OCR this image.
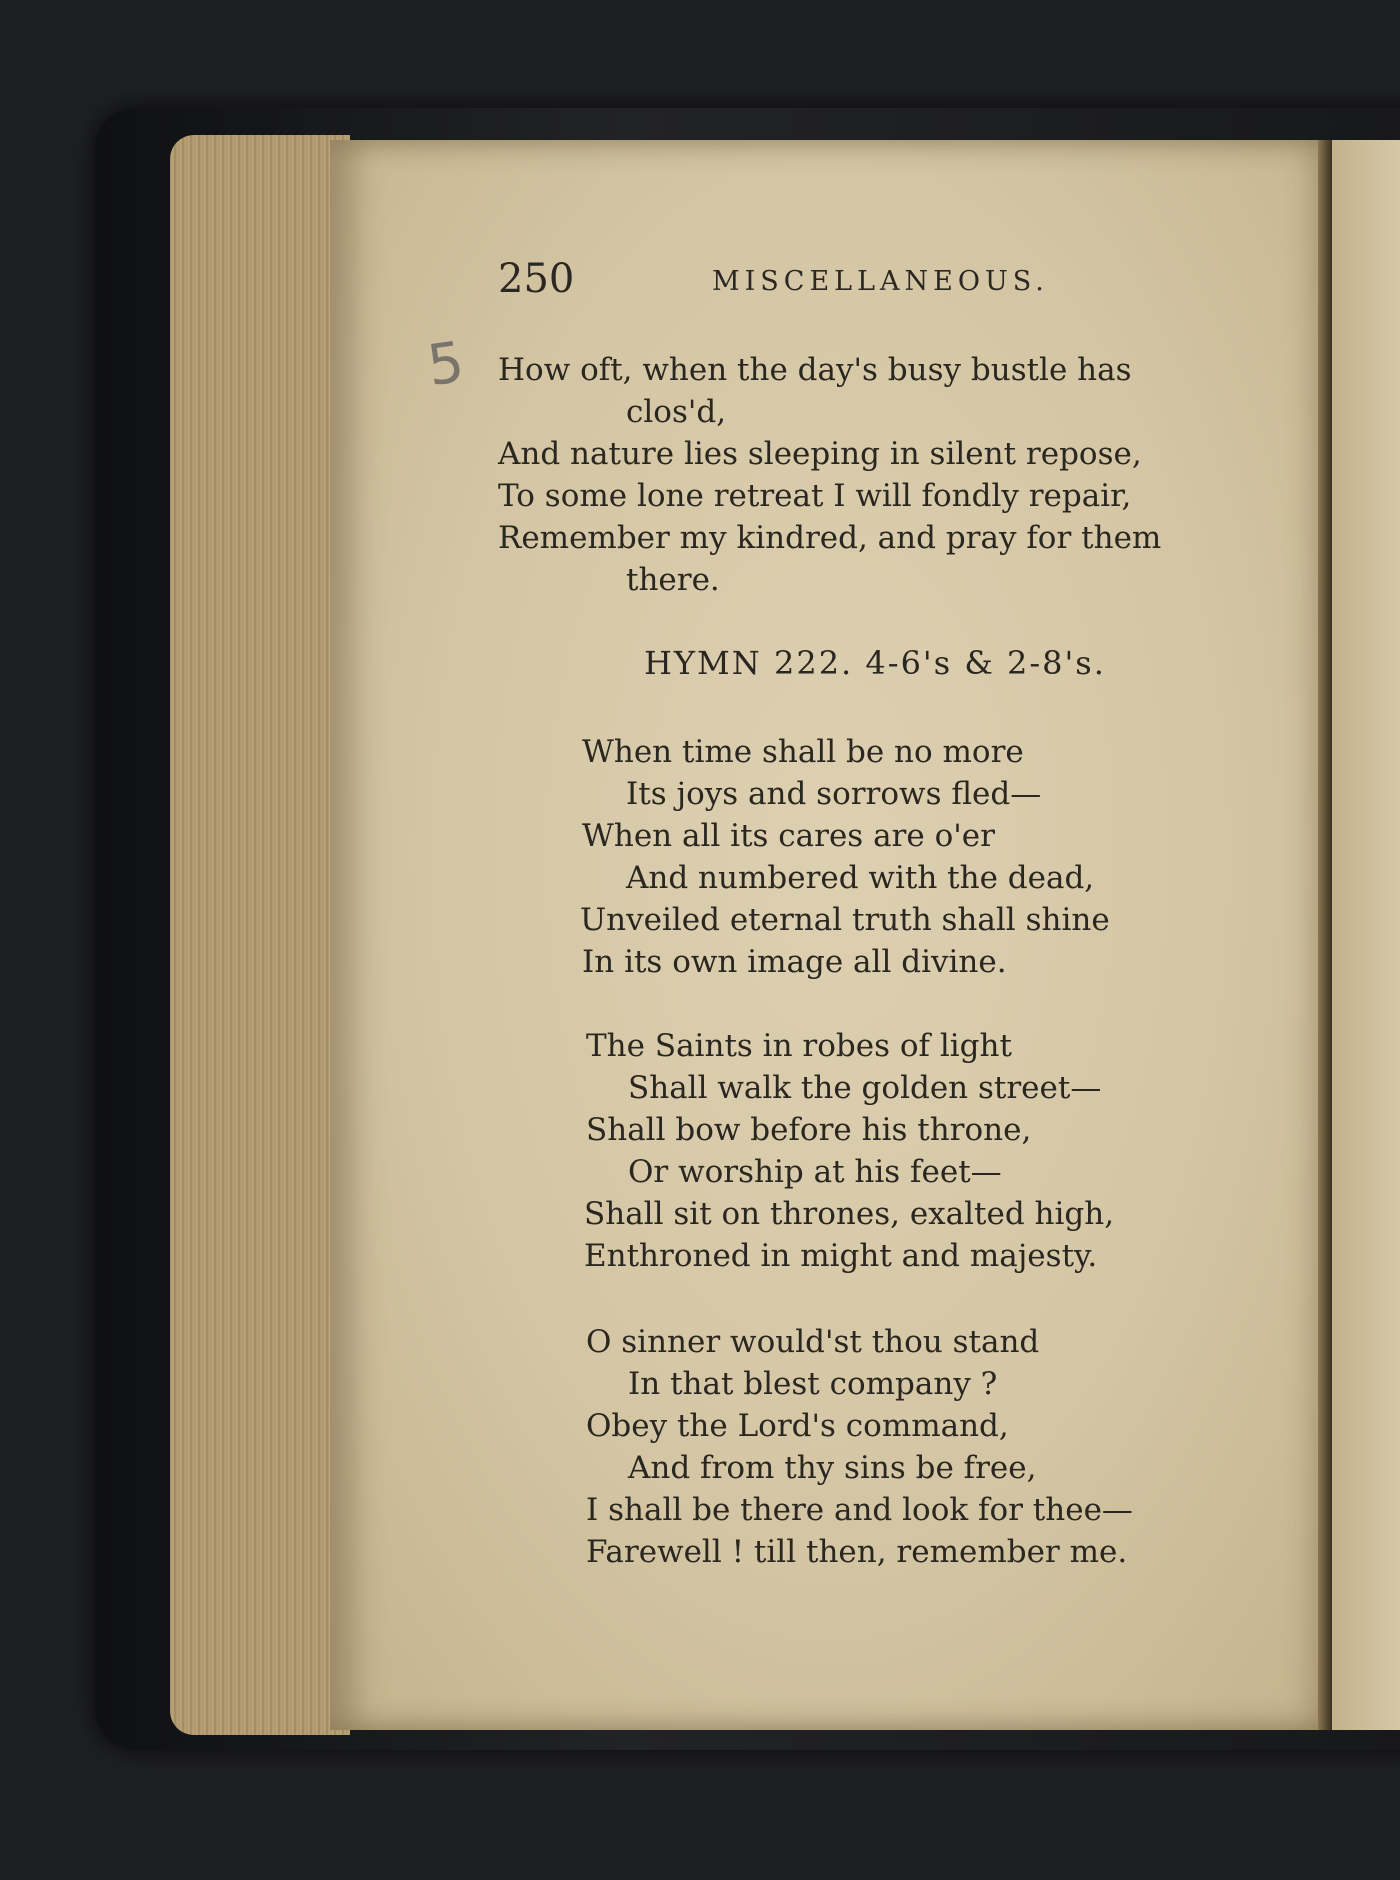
250	MISCELLANEOUS.
5 How oft, when the day's busy bustle has
clos'd,
And nature lies sleeping in silent repose,
To some lone retreat I will fondly repair,
Remember my kindred, and pray for them
there.
HYMN 222. 4-6's & 2-8's.
When time shall be no more
Its joys and sorrows fled—
When all its cares are o'er
And numbered with the dead,
Unveiled eternal truth shall shine
In its own image all divine.
The Saints in robes of light
Shall walk the golden street—
Shall bow before his throne,
Or worship at his feet—
Shall sit on thrones, exalted high,
Enthroned in might and majesty.
O sinner would'st thou stand
In that blest company ?
Obey the Lord's command,
And from thy sins be free,
I shall be there and look for thee—
Farewell ! till then, remember me.
